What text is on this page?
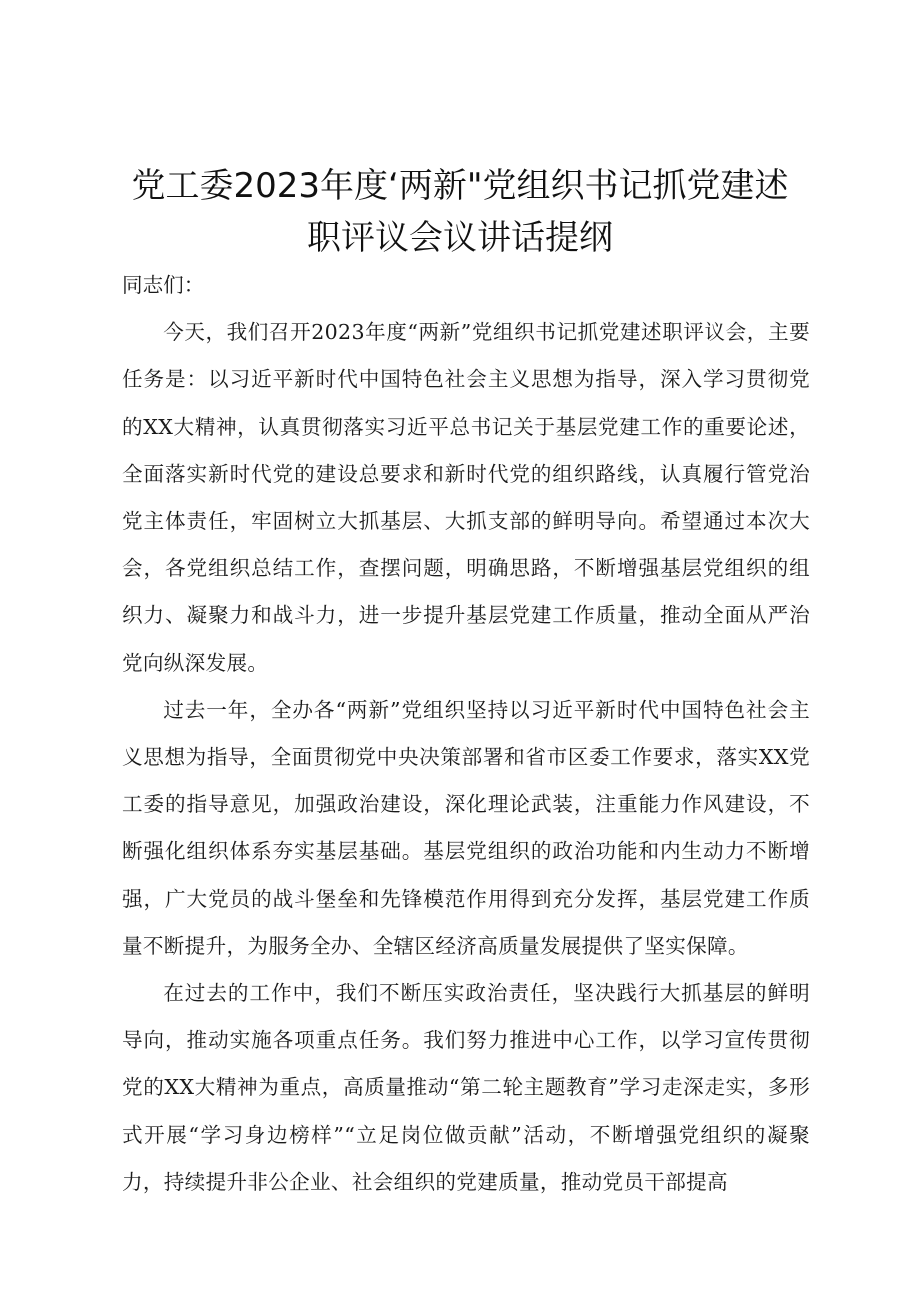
党工委2023年度‘两新"党组织书记抓党建述
职评议会议讲话提纲

同志们：

今天，我们召开2023年度“两新”党组织书记抓党建述职评议会，主要任务是：以习近平新时代中国特色社会主义思想为指导，深入学习贯彻党的XX大精神，认真贯彻落实习近平总书记关于基层党建工作的重要论述，全面落实新时代党的建设总要求和新时代党的组织路线，认真履行管党治党主体责任，牢固树立大抓基层、大抓支部的鲜明导向。希望通过本次大会，各党组织总结工作，查摆问题，明确思路，不断增强基层党组织的组织力、凝聚力和战斗力，进一步提升基层党建工作质量，推动全面从严治党向纵深发展。

过去一年，全办各“两新”党组织坚持以习近平新时代中国特色社会主义思想为指导，全面贯彻党中央决策部署和省市区委工作要求，落实XX党工委的指导意见，加强政治建设，深化理论武装，注重能力作风建设，不断强化组织体系夯实基层基础。基层党组织的政治功能和内生动力不断增强，广大党员的战斗堡垒和先锋模范作用得到充分发挥，基层党建工作质量不断提升，为服务全办、全辖区经济高质量发展提供了坚实保障。

在过去的工作中，我们不断压实政治责任，坚决践行大抓基层的鲜明导向，推动实施各项重点任务。我们努力推进中心工作，以学习宣传贯彻党的XX大精神为重点，高质量推动“第二轮主题教育”学习走深走实，多形式开展“学习身边榜样”“立足岗位做贡献”活动，不断增强党组织的凝聚力，持续提升非公企业、社会组织的党建质量，推动党员干部提高
